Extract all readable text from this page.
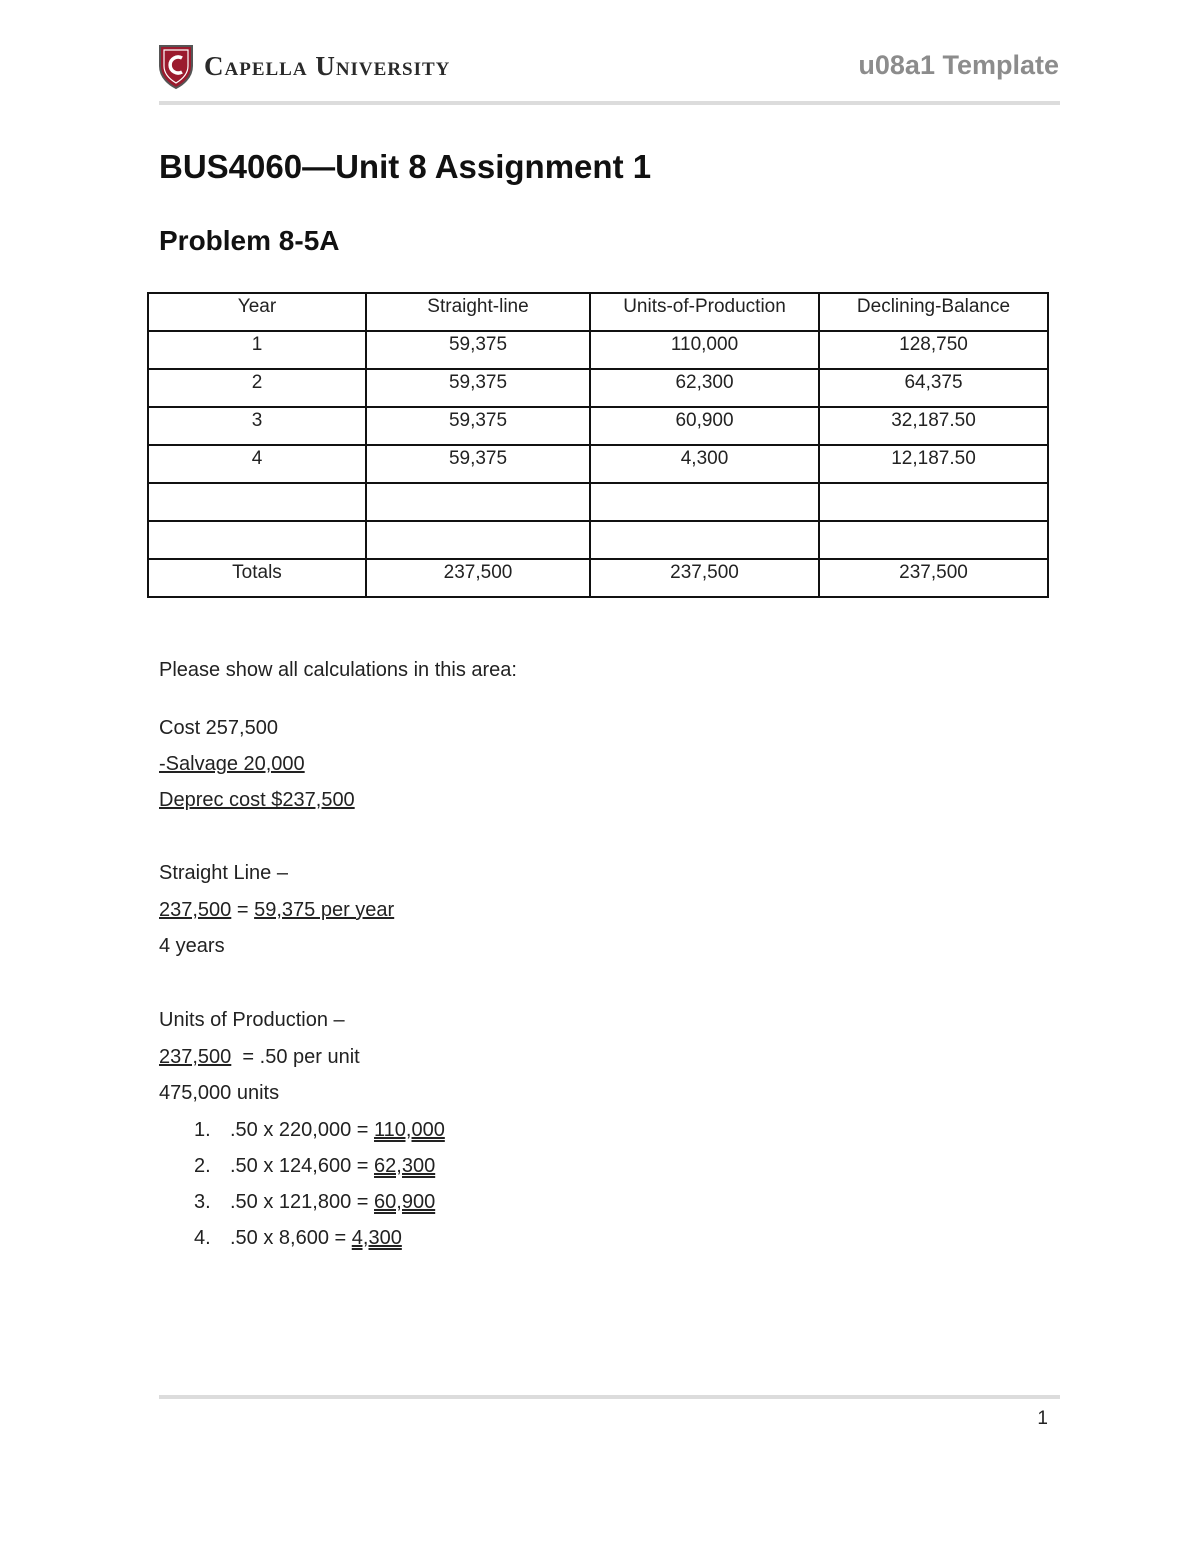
Capella University	u08a1 Template
BUS4060—Unit 8 Assignment 1
Problem 8-5A
Year	Straight-line	Units-of-Production	Declining-Balance
1	59,375	110,000	128,750
2	59,375	62,300	64,375
3	59,375	60,900	32,187.50
4	59,375	4,300	12,187.50

Totals	237,500	237,500	237,500
Please show all calculations in this area:
Cost 257,500
-Salvage 20,000
Deprec cost $237,500
Straight Line –
237,500 = 59,375 per year
4 years
Units of Production –
237,500  = .50 per unit
475,000 units
1. .50 x 220,000 = 110,000
2. .50 x 124,600 = 62,300
3. .50 x 121,800 = 60,900
4. .50 x 8,600 = 4,300
1
